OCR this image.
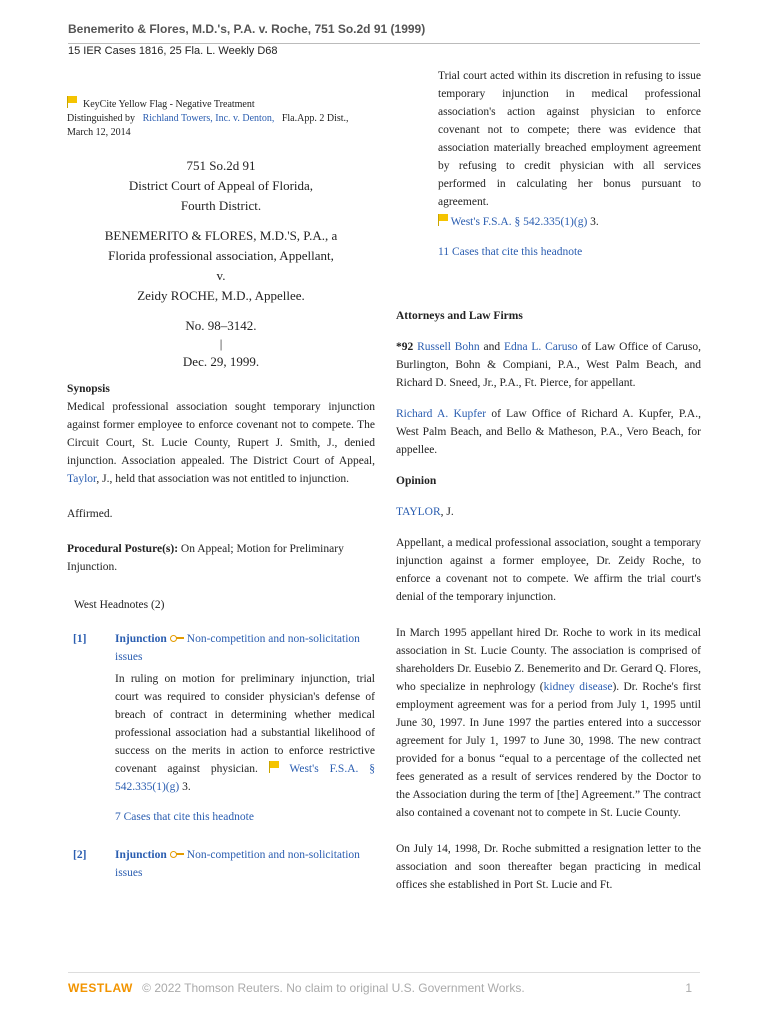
Benemerito & Flores, M.D.'s, P.A. v. Roche, 751 So.2d 91 (1999)
15 IER Cases 1816, 25 Fla. L. Weekly D68
KeyCite Yellow Flag - Negative Treatment
Distinguished by Richland Towers, Inc. v. Denton, Fla.App. 2 Dist.,
March 12, 2014
751 So.2d 91
District Court of Appeal of Florida,
Fourth District.
BENEMERITO & FLORES, M.D.'S, P.A., a
Florida professional association, Appellant,
v.
Zeidy ROCHE, M.D., Appellee.
No. 98–3142.
|
Dec. 29, 1999.
Synopsis

Medical professional association sought temporary injunction against former employee to enforce covenant not to compete. The Circuit Court, St. Lucie County, Rupert J. Smith, J., denied injunction. Association appealed. The District Court of Appeal, Taylor, J., held that association was not entitled to injunction.

Affirmed.

Procedural Posture(s): On Appeal; Motion for Preliminary Injunction.

West Headnotes (2)
[1]	Injunction Non-competition and non-solicitation issues

In ruling on motion for preliminary injunction, trial court was required to consider physician's defense of breach of contract in determining whether medical professional association had a substantial likelihood of success on the merits in action to enforce restrictive covenant against physician.	West's F.S.A. § 542.335(1)(g) 3.

7 Cases that cite this headnote

[2]	Injunction Non-competition and non-solicitation issues

Trial court acted within its discretion in refusing to issue temporary injunction in medical professional association's action against physician to enforce covenant not to compete; there was evidence that association materially breached employment agreement by refusing to credit physician with all services performed in calculating her bonus pursuant to agreement.

West's F.S.A. § 542.335(1)(g) 3.

11 Cases that cite this headnote

Attorneys and Law Firms

*92 Russell Bohn and Edna L. Caruso of Law Office of Caruso, Burlington, Bohn & Compiani, P.A., West Palm Beach, and Richard D. Sneed, Jr., P.A., Ft. Pierce, for appellant.

Richard A. Kupfer of Law Office of Richard A. Kupfer, P.A., West Palm Beach, and Bello & Matheson, P.A., Vero Beach, for appellee.

Opinion

TAYLOR, J.

Appellant, a medical professional association, sought a temporary injunction against a former employee, Dr. Zeidy Roche, to enforce a covenant not to compete. We affirm the trial court's denial of the temporary injunction.

In March 1995 appellant hired Dr. Roche to work in its medical association in St. Lucie County. The association is comprised of shareholders Dr. Eusebio Z. Benemerito and Dr. Gerard Q. Flores, who specialize in nephrology (kidney disease). Dr. Roche's first employment agreement was for a period from July 1, 1995 until June 30, 1997. In June 1997 the parties entered into a successor agreement for July 1, 1997 to June 30, 1998. The new contract provided for a bonus “equal to a percentage of the collected net fees generated as a result of services rendered by the Doctor to the Association during the term of [the] Agreement.” The contract also contained a covenant not to compete in St. Lucie County.

On July 14, 1998, Dr. Roche submitted a resignation letter to the association and soon thereafter began practicing in medical offices she established in Port St. Lucie and Ft.

WESTLAW © 2022 Thomson Reuters. No claim to original U.S. Government Works.	1
